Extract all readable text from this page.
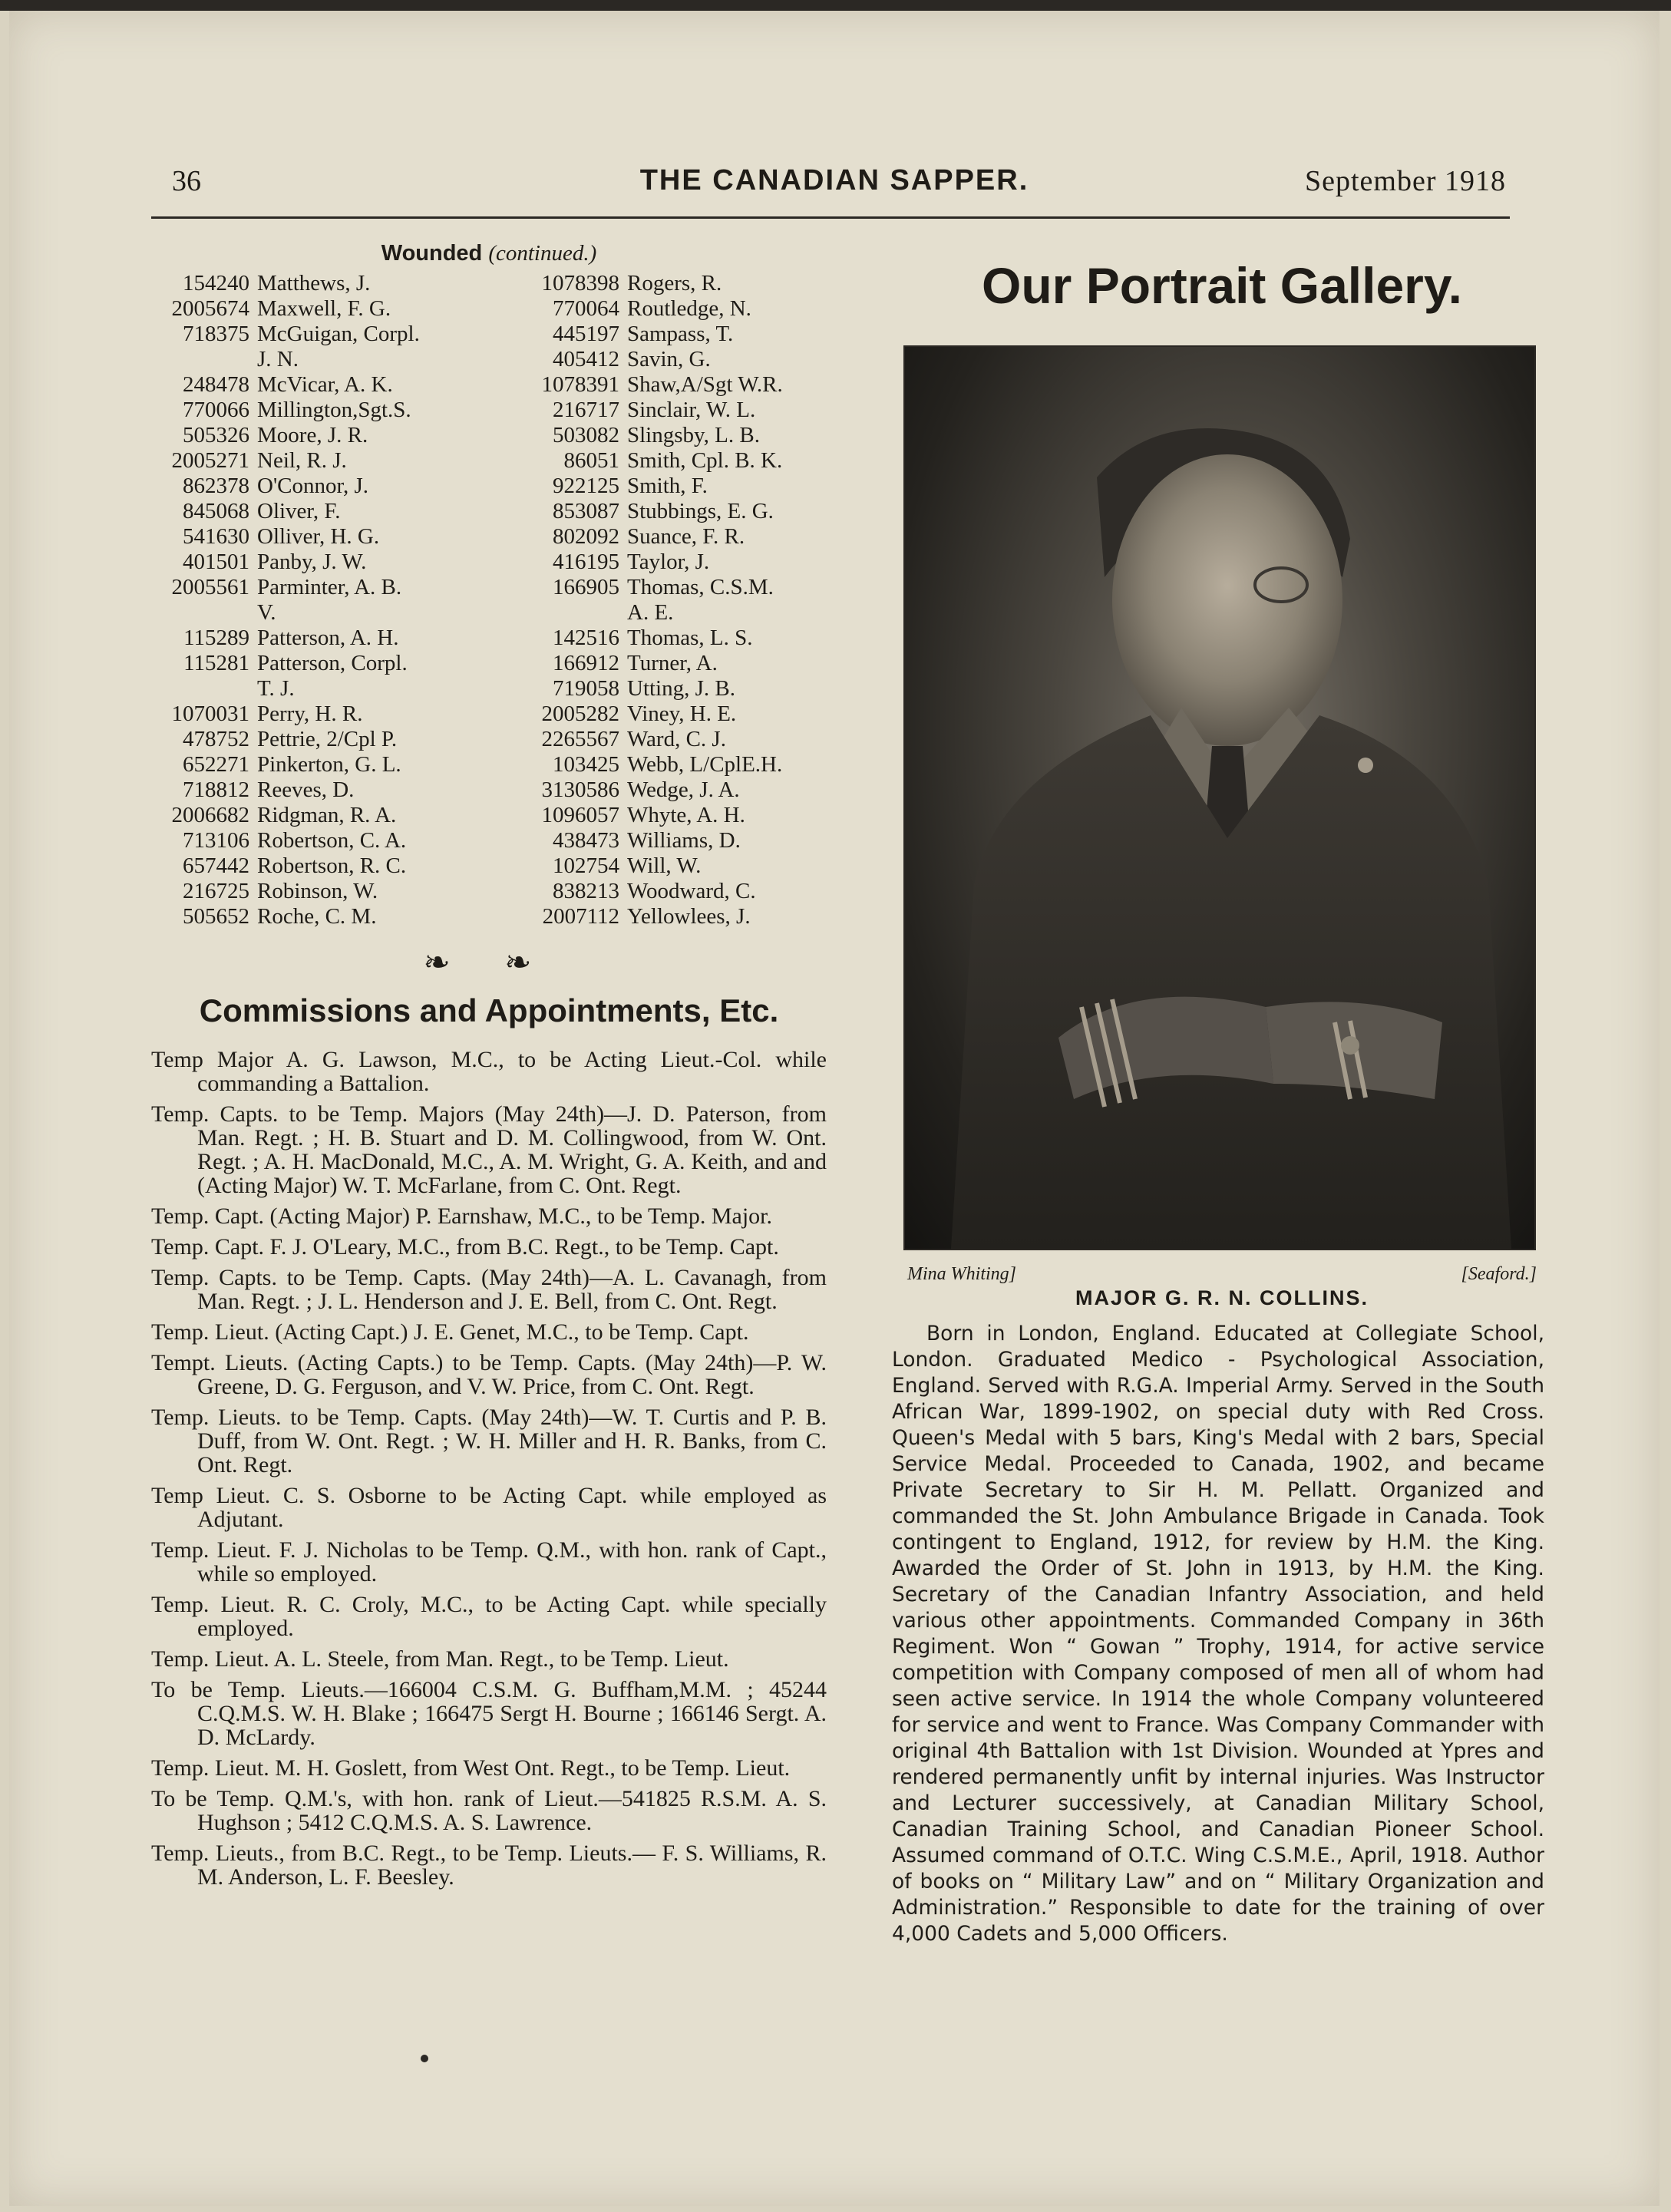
36	THE CANADIAN SAPPER.	September 1918
Wounded (continued.)
154240 Matthews, J.
2005674 Maxwell, F. G.
718375 McGuigan, Corpl.
J. N.
248478 McVicar, A. K.
770066 Millington,Sgt.S.
505326 Moore, J. R.
2005271 Neil, R. J.
862378 O'Connor, J.
845068 Oliver, F.
541630 Olliver, H. G.
401501 Panby, J. W.
2005561 Parminter, A. B.
V.
115289 Patterson, A. H.
115281 Patterson, Corpl.
T. J.
1070031 Perry, H. R.
478752 Pettrie, 2/Cpl P.
652271 Pinkerton, G. L.
718812 Reeves, D.
2006682 Ridgman, R. A.
713106 Robertson, C. A.
657442 Robertson, R. C.
216725 Robinson, W.
505652 Roche, C. M.
1078398 Rogers, R.
770064 Routledge, N.
445197 Sampass, T.
405412 Savin, G.
1078391 Shaw,A/Sgt W.R.
216717 Sinclair, W. L.
503082 Slingsby, L. B.
86051 Smith, Cpl. B. K.
922125 Smith, F.
853087 Stubbings, E. G.
802092 Suance, F. R.
416195 Taylor, J.
166905 Thomas, C.S.M.
A. E.
142516 Thomas, L. S.
166912 Turner, A.
719058 Utting, J. B.
2005282 Viney, H. E.
2265567 Ward, C. J.
103425 Webb, L/CplE.H.
3130586 Wedge, J. A.
1096057 Whyte, A. H.
438473 Williams, D.
102754 Will, W.
838213 Woodward, C.
2007112 Yellowlees, J.
❧ ❧
Commissions and Appointments, Etc.
Temp Major A. G. Lawson, M.C., to be Acting Lieut.-Col. while commanding a Battalion.
Temp. Capts. to be Temp. Majors (May 24th)—J. D. Paterson, from Man. Regt. ; H. B. Stuart and D. M. Collingwood, from W. Ont. Regt. ; A. H. MacDonald, M.C., A. M. Wright, G. A. Keith, and and (Acting Major) W. T. McFarlane, from C. Ont. Regt.
Temp. Capt. (Acting Major) P. Earnshaw, M.C., to be Temp. Major.
Temp. Capt. F. J. O'Leary, M.C., from B.C. Regt., to be Temp. Capt.
Temp. Capts. to be Temp. Capts. (May 24th)—A. L. Cavanagh, from Man. Regt. ; J. L. Henderson and J. E. Bell, from C. Ont. Regt.
Temp. Lieut. (Acting Capt.) J. E. Genet, M.C., to be Temp. Capt.
Tempt. Lieuts. (Acting Capts.) to be Temp. Capts. (May 24th)—P. W. Greene, D. G. Ferguson, and V. W. Price, from C. Ont. Regt.
Temp. Lieuts. to be Temp. Capts. (May 24th)—W. T. Curtis and P. B. Duff, from W. Ont. Regt. ; W. H. Miller and H. R. Banks, from C. Ont. Regt.
Temp Lieut. C. S. Osborne to be Acting Capt. while employed as Adjutant.
Temp. Lieut. F. J. Nicholas to be Temp. Q.M., with hon. rank of Capt., while so employed.
Temp. Lieut. R. C. Croly, M.C., to be Acting Capt. while specially employed.
Temp. Lieut. A. L. Steele, from Man. Regt., to be Temp. Lieut.
To be Temp. Lieuts.—166004 C.S.M. G. Buffham,M.M. ; 45244 C.Q.M.S. W. H. Blake ; 166475 Sergt H. Bourne ; 166146 Sergt. A. D. McLardy.
Temp. Lieut. M. H. Goslett, from West Ont. Regt., to be Temp. Lieut.
To be Temp. Q.M.'s, with hon. rank of Lieut.—541825 R.S.M. A. S. Hughson ; 5412 C.Q.M.S. A. S. Lawrence.
Temp. Lieuts., from B.C. Regt., to be Temp. Lieuts.— F. S. Williams, R. M. Anderson, L. F. Beesley.
Our Portrait Gallery.
Mina Whiting]	[Seaford.]
MAJOR G. R. N. COLLINS.
Born in London, England. Educated at Collegiate School, London. Graduated Medico - Psychological Association, England. Served with R.G.A. Imperial Army. Served in the South African War, 1899-1902, on special duty with Red Cross. Queen's Medal with 5 bars, King's Medal with 2 bars, Special Service Medal. Proceeded to Canada, 1902, and became Private Secretary to Sir H. M. Pellatt. Organized and commanded the St. John Ambulance Brigade in Canada. Took contingent to England, 1912, for review by H.M. the King. Awarded the Order of St. John in 1913, by H.M. the King. Secretary of the Canadian Infantry Association, and held various other appointments. Commanded Company in 36th Regiment. Won “ Gowan ” Trophy, 1914, for active service competition with Company composed of men all of whom had seen active service. In 1914 the whole Company volunteered for service and went to France. Was Company Commander with original 4th Battalion with 1st Division. Wounded at Ypres and rendered permanently unfit by internal injuries. Was Instructor and Lecturer successively, at Canadian Military School, Canadian Training School, and Canadian Pioneer School. Assumed command of O.T.C. Wing C.S.M.E., April, 1918. Author of books on “ Military Law” and on “ Military Organization and Administration.” Responsible to date for the training of over 4,000 Cadets and 5,000 Officers.
